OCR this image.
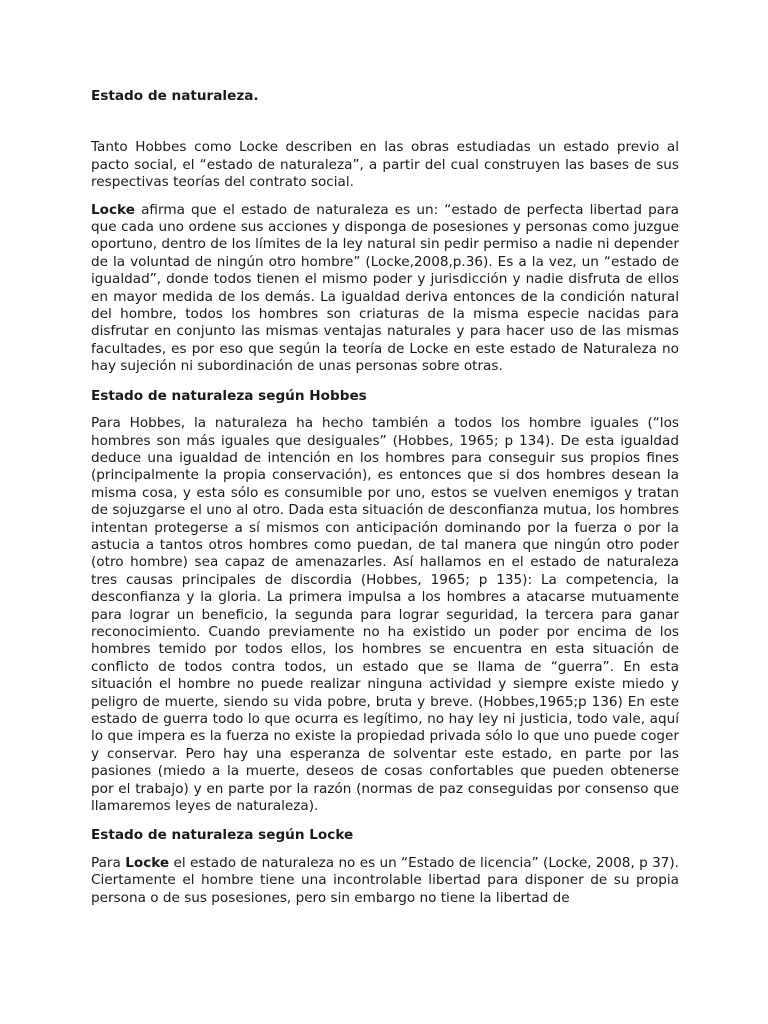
Estado de naturaleza.

Tanto Hobbes como Locke describen en las obras estudiadas un estado previo al pacto social, el “estado de naturaleza”, a partir del cual construyen las bases de sus respectivas teorías del contrato social.

Locke afirma que el estado de naturaleza es un: “estado de perfecta libertad para que cada uno ordene sus acciones y disponga de posesiones y personas como juzgue oportuno, dentro de los límites de la ley natural sin pedir permiso a nadie ni depender de la voluntad de ningún otro hombre” (Locke,2008,p.36). Es a la vez, un “estado de igualdad”, donde todos tienen el mismo poder y jurisdicción y nadie disfruta de ellos en mayor medida de los demás. La igualdad deriva entonces de la condición natural del hombre, todos los hombres son criaturas de la misma especie nacidas para disfrutar en conjunto las mismas ventajas naturales y para hacer uso de las mismas facultades, es por eso que según la teoría de Locke en este estado de Naturaleza no hay sujeción ni subordinación de unas personas sobre otras.

Estado de naturaleza según Hobbes

Para Hobbes, la naturaleza ha hecho también a todos los hombre iguales (“los hombres son más iguales que desiguales” (Hobbes, 1965; p 134). De esta igualdad deduce una igualdad de intención en los hombres para conseguir sus propios fines (principalmente la propia conservación), es entonces que si dos hombres desean la misma cosa, y esta sólo es consumible por uno, estos se vuelven enemigos y tratan de sojuzgarse el uno al otro. Dada esta situación de desconfianza mutua, los hombres intentan protegerse a sí mismos con anticipación dominando por la fuerza o por la astucia a tantos otros hombres como puedan, de tal manera que ningún otro poder (otro hombre) sea capaz de amenazarles. Así hallamos en el estado de naturaleza tres causas principales de discordia (Hobbes, 1965; p 135): La competencia, la desconfianza y la gloria. La primera impulsa a los hombres a atacarse mutuamente para lograr un beneficio, la segunda para lograr seguridad, la tercera para ganar reconocimiento. Cuando previamente no ha existido un poder por encima de los hombres temido por todos ellos, los hombres se encuentra en esta situación de conflicto de todos contra todos, un estado que se llama de “guerra”. En esta situación el hombre no puede realizar ninguna actividad y siempre existe miedo y peligro de muerte, siendo su vida pobre, bruta y breve. (Hobbes,1965;p 136) En este estado de guerra todo lo que ocurra es legítimo, no hay ley ni justicia, todo vale, aquí lo que impera es la fuerza no existe la propiedad privada sólo lo que uno puede coger y conservar. Pero hay una esperanza de solventar este estado, en parte por las pasiones (miedo a la muerte, deseos de cosas confortables que pueden obtenerse por el trabajo) y en parte por la razón (normas de paz conseguidas por consenso que llamaremos leyes de naturaleza).

Estado de naturaleza según Locke

Para Locke el estado de naturaleza no es un “Estado de licencia” (Locke, 2008, p 37). Ciertamente el hombre tiene una incontrolable libertad para disponer de su propia persona o de sus posesiones, pero sin embargo no tiene la libertad de
